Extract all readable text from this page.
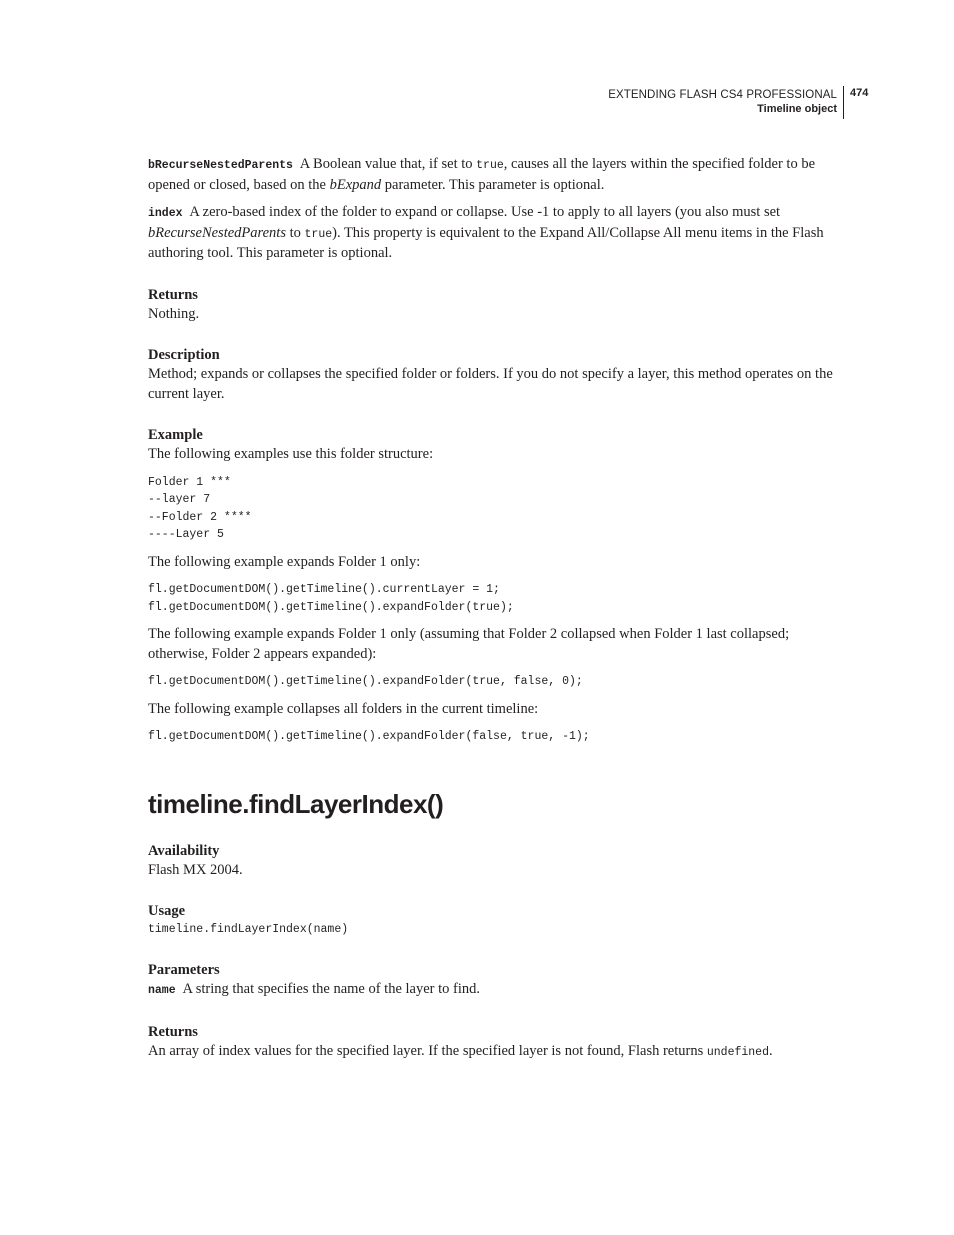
EXTENDING FLASH CS4 PROFESSIONAL
Timeline object
474

bRecurseNestedParents A Boolean value that, if set to true, causes all the layers within the specified folder to be opened or closed, based on the bExpand parameter. This parameter is optional.

index A zero-based index of the folder to expand or collapse. Use -1 to apply to all layers (you also must set bRecurseNestedParents to true). This property is equivalent to the Expand All/Collapse All menu items in the Flash authoring tool. This parameter is optional.

Returns

Nothing.

Description

Method; expands or collapses the specified folder or folders. If you do not specify a layer, this method operates on the current layer.

Example

The following examples use this folder structure:

Folder 1 ***
--layer 7
--Folder 2 ****
----Layer 5

The following example expands Folder 1 only:

fl.getDocumentDOM().getTimeline().currentLayer = 1;
fl.getDocumentDOM().getTimeline().expandFolder(true);

The following example expands Folder 1 only (assuming that Folder 2 collapsed when Folder 1 last collapsed; otherwise, Folder 2 appears expanded):

fl.getDocumentDOM().getTimeline().expandFolder(true, false, 0);

The following example collapses all folders in the current timeline:

fl.getDocumentDOM().getTimeline().expandFolder(false, true, -1);
timeline.findLayerIndex()
Availability

Flash MX 2004.

Usage
timeline.findLayerIndex(name)
Parameters

name A string that specifies the name of the layer to find.

Returns

An array of index values for the specified layer. If the specified layer is not found, Flash returns undefined.
